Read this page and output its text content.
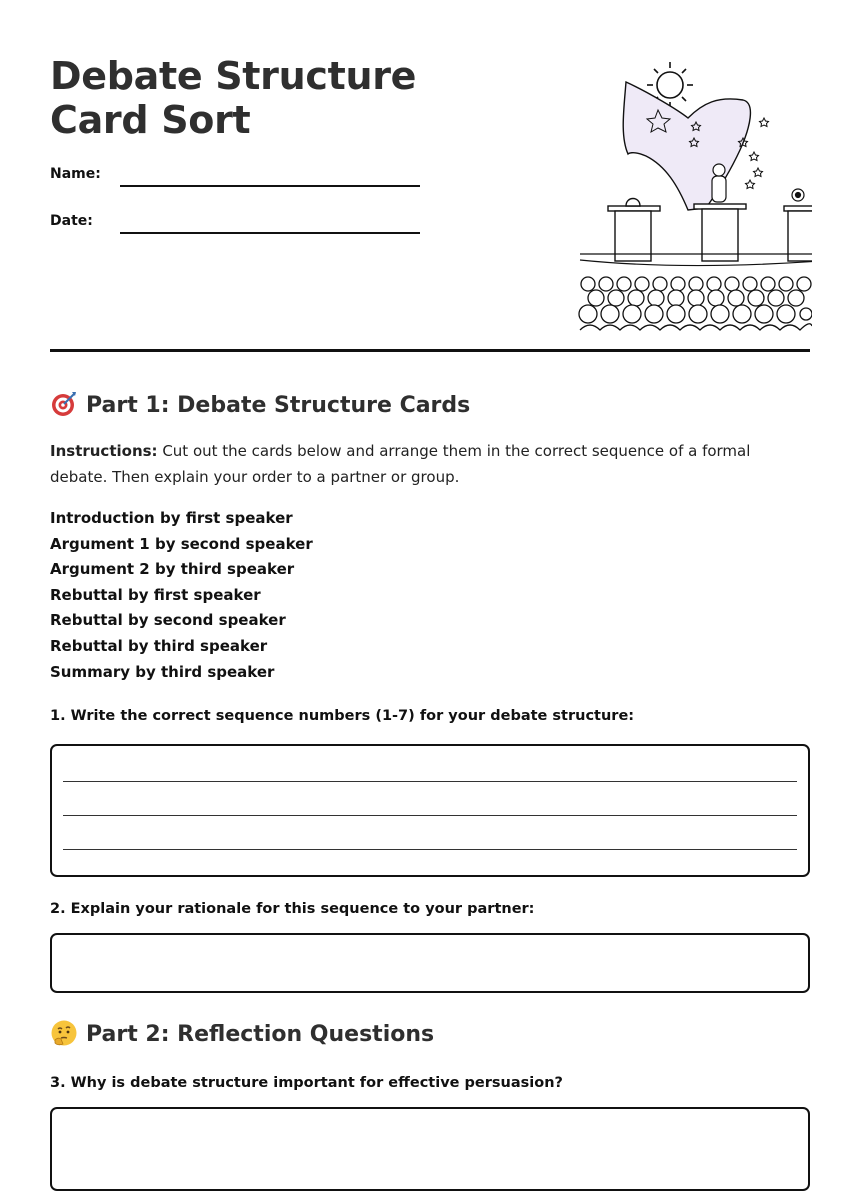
Debate Structure Card Sort
Name:
Date:
Part 1: Debate Structure Cards

Instructions: Cut out the cards below and arrange them in the correct sequence of a formal debate. Then explain your order to a partner or group.

Introduction by first speaker
Argument 1 by second speaker
Argument 2 by third speaker
Rebuttal by first speaker
Rebuttal by second speaker
Rebuttal by third speaker
Summary by third speaker

1. Write the correct sequence numbers (1-7) for your debate structure:

2. Explain your rationale for this sequence to your partner:

Part 2: Reflection Questions

3. Why is debate structure important for effective persuasion?
